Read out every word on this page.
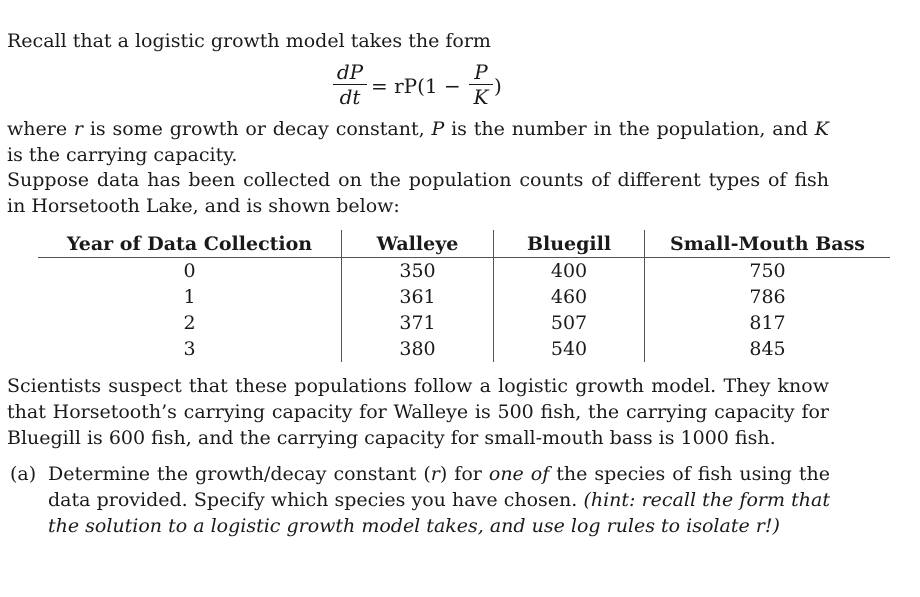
Recall that a logistic growth model takes the form
dP
dt = rP(1 −
P
K )
where r is some growth or decay constant, P is the number in the population, and K is the carrying capacity.
Suppose data has been collected on the population counts of different types of fish in Horsetooth Lake, and is shown below:
Year of Data Collection	Walleye	Bluegill	Small-Mouth Bass
0	350	400	750
1	361	460	786
2	371	507	817
3	380	540	845
Scientists suspect that these populations follow a logistic growth model. They know that Horsetooth’s carrying capacity for Walleye is 500 fish, the carrying capacity for Bluegill is 600 fish, and the carrying capacity for small-mouth bass is 1000 fish.
(a) Determine the growth/decay constant (r) for one of the species of fish using the data provided. Specify which species you have chosen. (hint: recall the form that the solution to a logistic growth model takes, and use log rules to isolate r!)
